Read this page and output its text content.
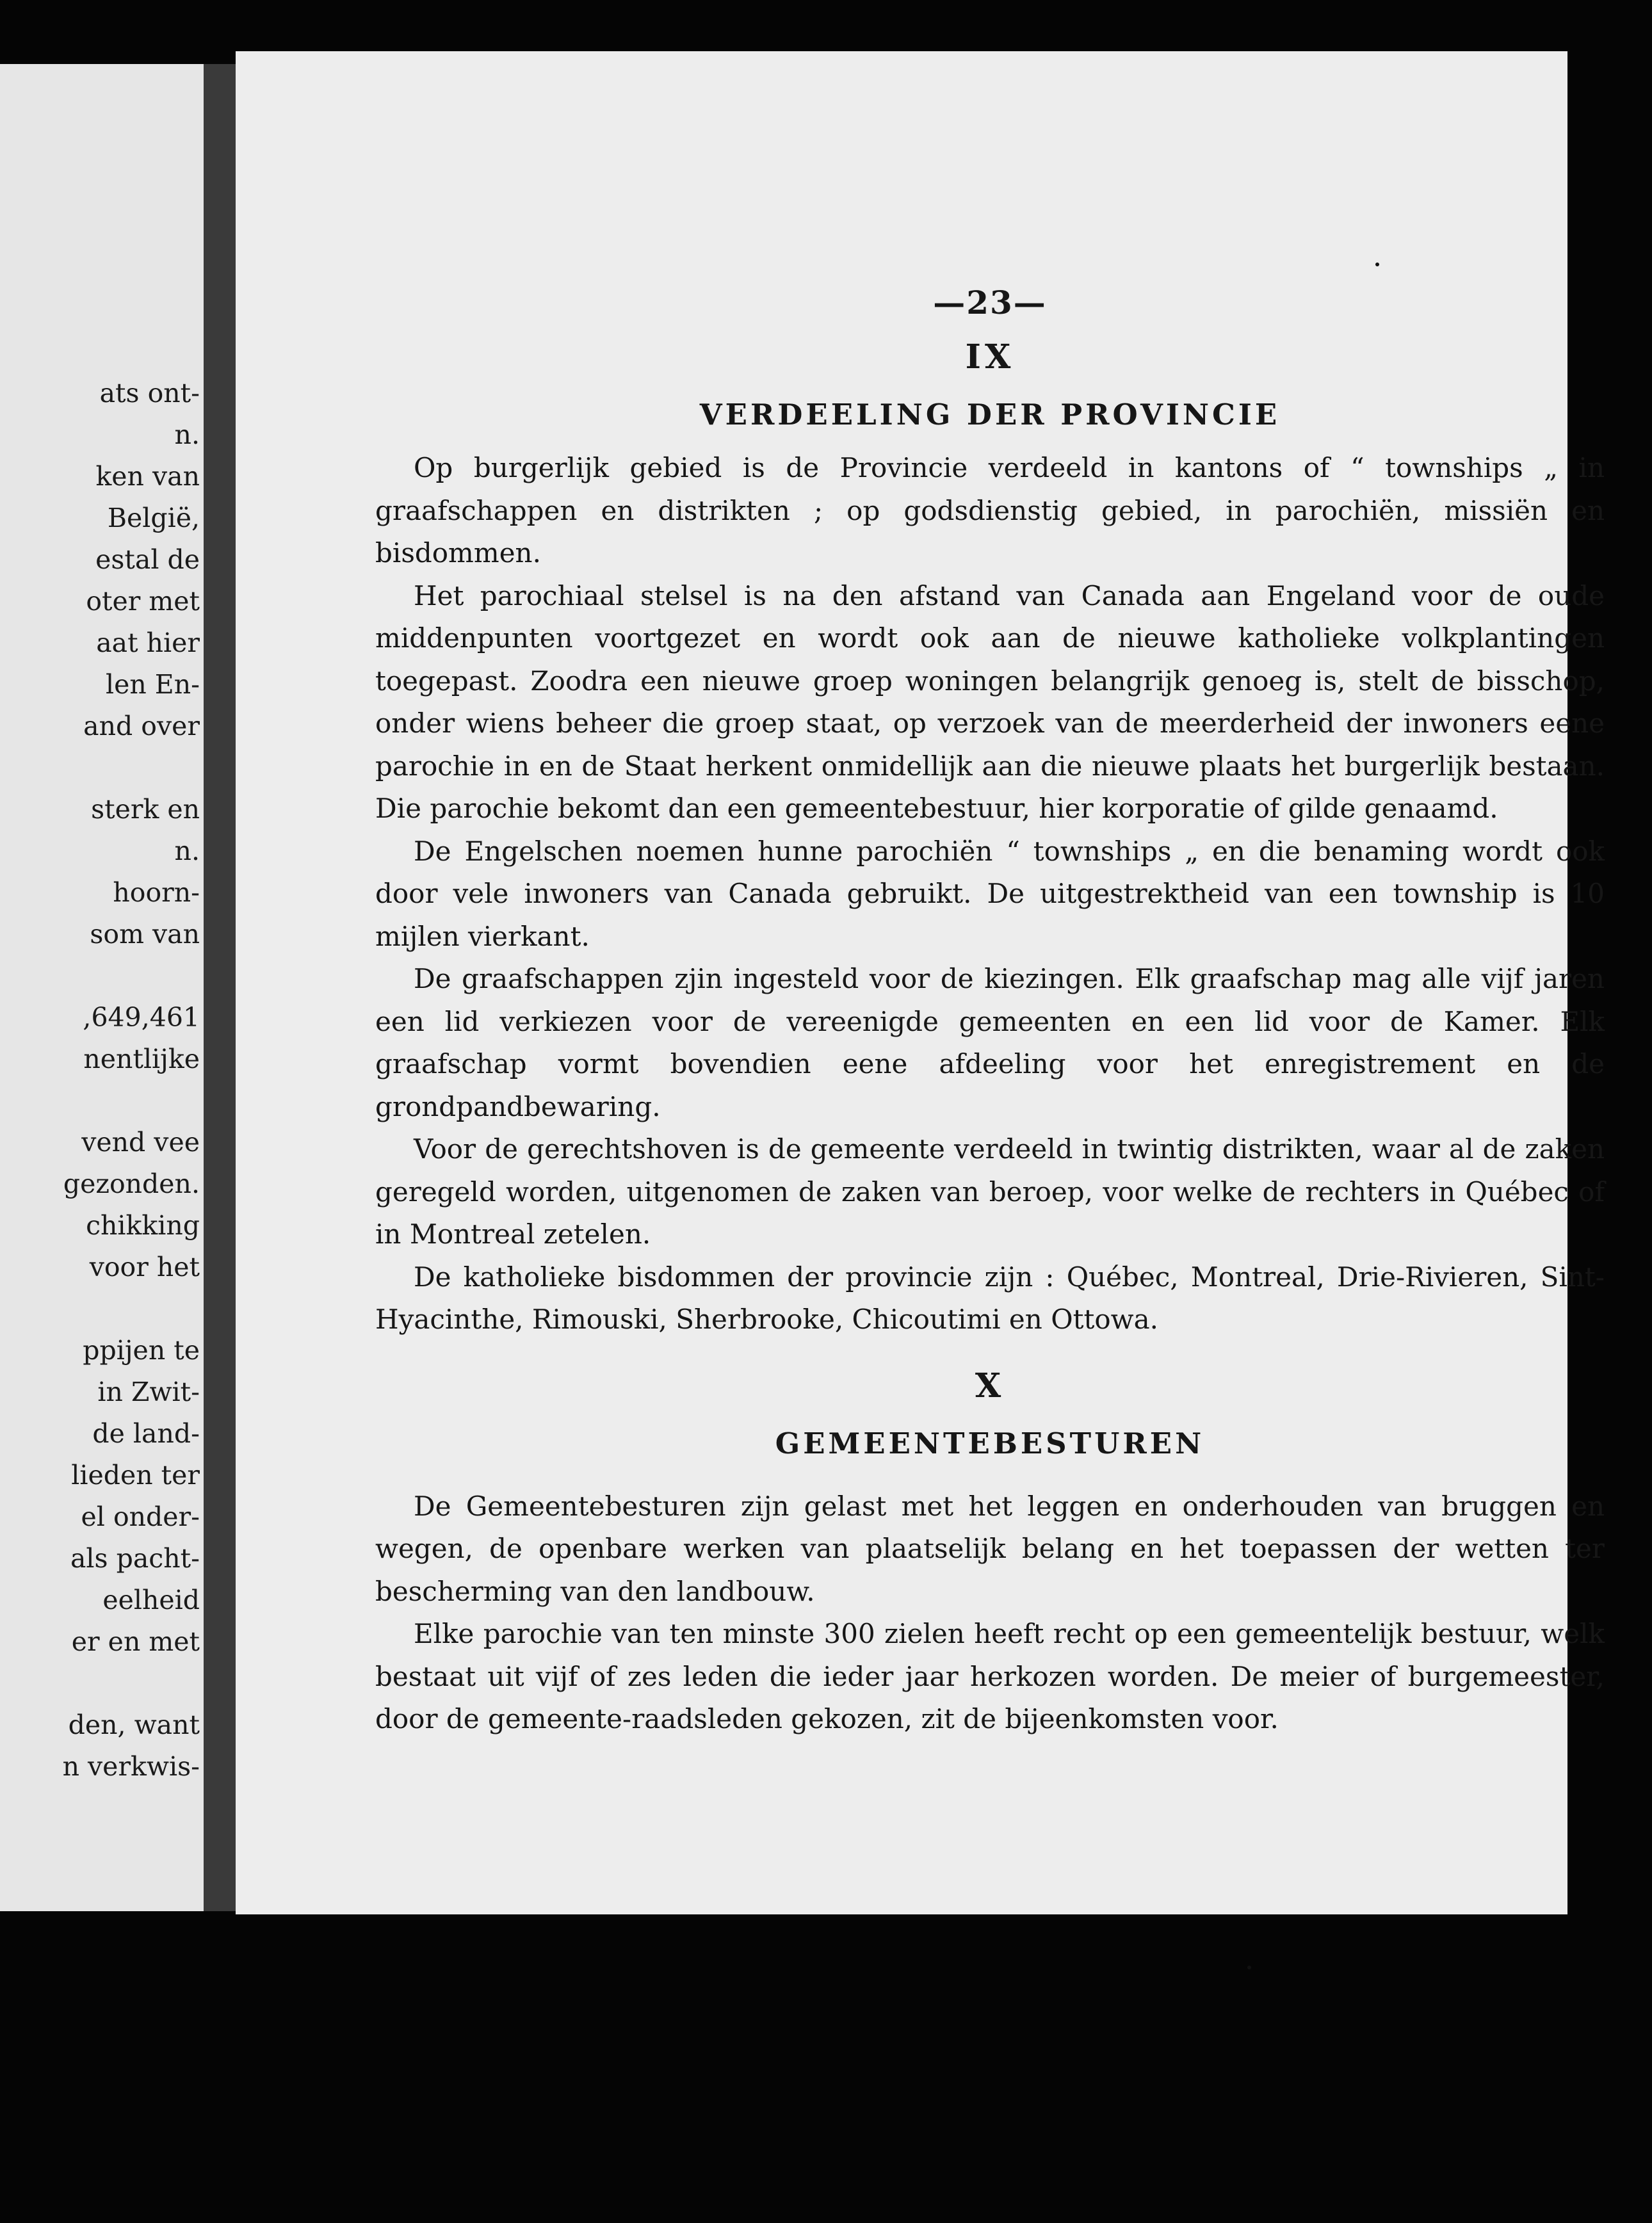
ats ont-
n.
ken van
België,
estal de
oter met
aat hier
len En-
and over
sterk en
n.
hoorn-
som van
,649,461
nentlijke
vend vee
gezonden.
chikking
voor het
ppijen te
in Zwit-
de land-
lieden ter
el onder-
als pacht-
eelheid
er en met
den, want
n verkwis-

—23—

IX

VERDEELING DER PROVINCIE

Op burgerlijk gebied is de Provincie verdeeld in kantons of “ townships „ in graafschappen en distrikten ; op godsdienstig gebied, in parochiën, missiën en bisdommen.

Het parochiaal stelsel is na den afstand van Canada aan Engeland voor de oude middenpunten voortgezet en wordt ook aan de nieuwe katholieke volkplantingen toegepast. Zoodra een nieuwe groep woningen belangrijk genoeg is, stelt de bisschop, onder wiens beheer die groep staat, op verzoek van de meerderheid der inwoners eene parochie in en de Staat herkent onmidellijk aan die nieuwe plaats het burgerlijk bestaan. Die parochie bekomt dan een gemeentebestuur, hier korporatie of gilde genaamd.

De Engelschen noemen hunne parochiën “ townships „ en die benaming wordt ook door vele inwoners van Canada gebruikt. De uitgestrektheid van een township is 10 mijlen vierkant.

De graafschappen zjin ingesteld voor de kiezingen. Elk graafschap mag alle vijf jaren een lid verkiezen voor de vereenigde gemeenten en een lid voor de Kamer. Elk graafschap vormt bovendien eene afdeeling voor het enregistrement en de grondpandbewaring.

Voor de gerechtshoven is de gemeente verdeeld in twintig distrikten, waar al de zaken geregeld worden, uitgenomen de zaken van beroep, voor welke de rechters in Québec of in Montreal zetelen.

De katholieke bisdommen der provincie zijn : Québec, Montreal, Drie-Rivieren, Sint-Hyacinthe, Rimouski, Sherbrooke, Chicoutimi en Ottowa.

X

GEMEENTEBESTUREN

De Gemeentebesturen zijn gelast met het leggen en onderhouden van bruggen en wegen, de openbare werken van plaatselijk belang en het toepassen der wetten ter bescherming van den landbouw.

Elke parochie van ten minste 300 zielen heeft recht op een gemeentelijk bestuur, welk bestaat uit vijf of zes leden die ieder jaar herkozen worden. De meier of burgemeester, door de gemeente-raadsleden gekozen, zit de bijeenkomsten voor.
